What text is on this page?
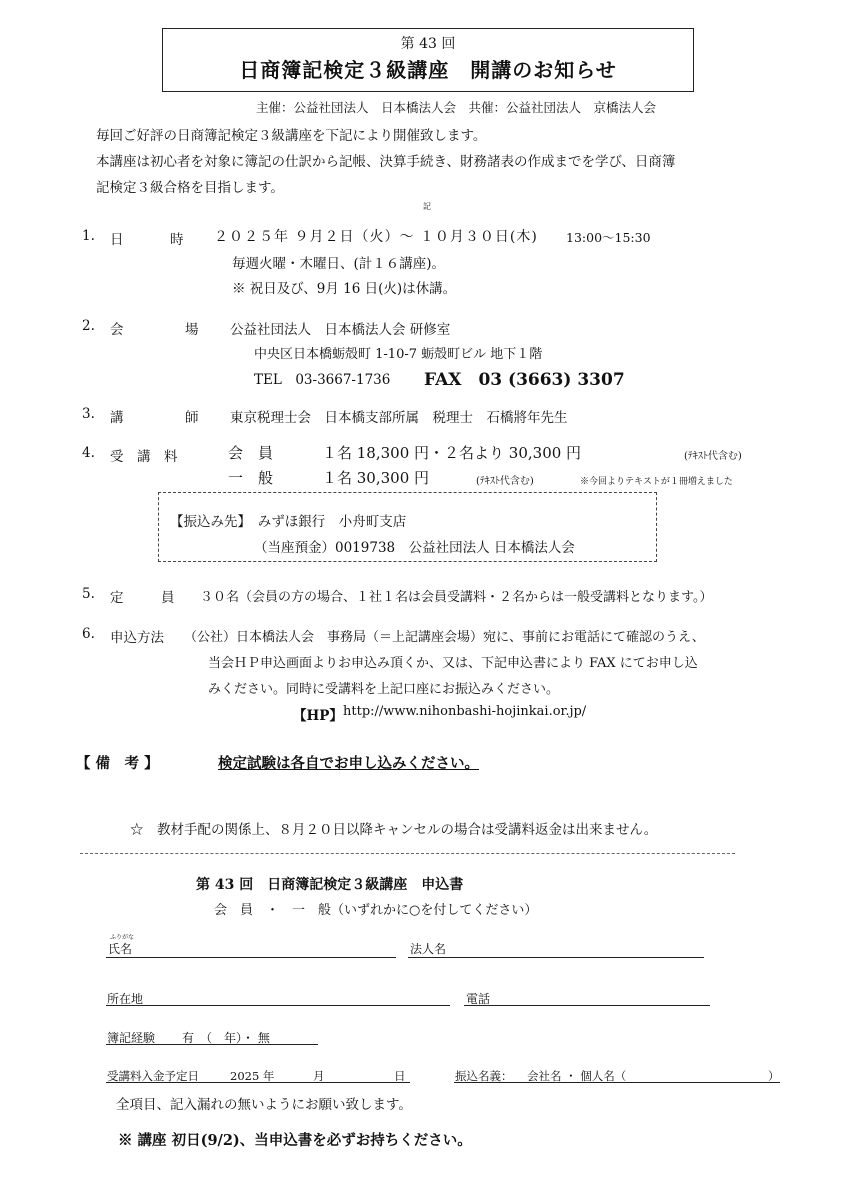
第 43 回
日商簿記検定３級講座　開講のお知らせ
主催：公益社団法人　日本橋法人会　共催：公益社団法人　京橋法人会
毎回ご好評の日商簿記検定３級講座を下記により開催致します。
本講座は初心者を対象に簿記の仕訳から記帳、決算手続き、財務諸表の作成までを学び、日商簿
記検定３級合格を目指します。
記
1. 日	時 ２０２５年 ９月２日（火）～ １０月３０日(木) 13:00～15:30
毎週火曜・木曜日、(計１６講座)。
※ 祝日及び、9月 16 日(火)は休講。
2. 会	場 公益社団法人　日本橋法人会 研修室
中央区日本橋蛎殻町 1-10-7 蛎殻町ビル 地下１階
TEL　03-3667-1736 FAX　03 (3663) 3307
3. 講	師 東京税理士会　日本橋支部所属　税理士　石橋將年先生
4. 受　講　料	会　員	１名 18,300 円・２名より 30,300 円	(ﾃｷｽﾄ代含む)
一　般	１名 30,300 円	(ﾃｷｽﾄ代含む)	※今回よりテキストが１冊増えました
【振込み先】　みずほ銀行　小舟町支店
（当座預金）0019738　公益社団法人 日本橋法人会
5. 定	員 ３０名（会員の方の場合、１社１名は会員受講料・２名からは一般受講料となります。）
6. 申込方法 （公社）日本橋法人会　事務局（＝上記講座会場）宛に、事前にお電話にて確認のうえ、
当会ＨＰ申込画面よりお申込み頂くか、又は、下記申込書により FAX にてお申し込
みください。同時に受講料を上記口座にお振込みください。
【HP】 http://www.nihonbashi-hojinkai.or.jp/
【 備　考 】	検定試験は各自でお申し込みください。
☆　教材手配の関係上、８月２０日以降キャンセルの場合は受講料返金は出来ません。
第 43 回　日商簿記検定３級講座　申込書
会　員　・　一　般（いずれかに○を付してください）
ふりがな
氏名	法人名
所在地	電話
簿記経験 有　（　年）・ 無
受講料入金予定日	2025 年	月	日	振込名義： 会社名 ・ 個人名（	）
全項目、記入漏れの無いようにお願い致します。
※ 講座 初日(9/2)、当申込書を必ずお持ちください。
